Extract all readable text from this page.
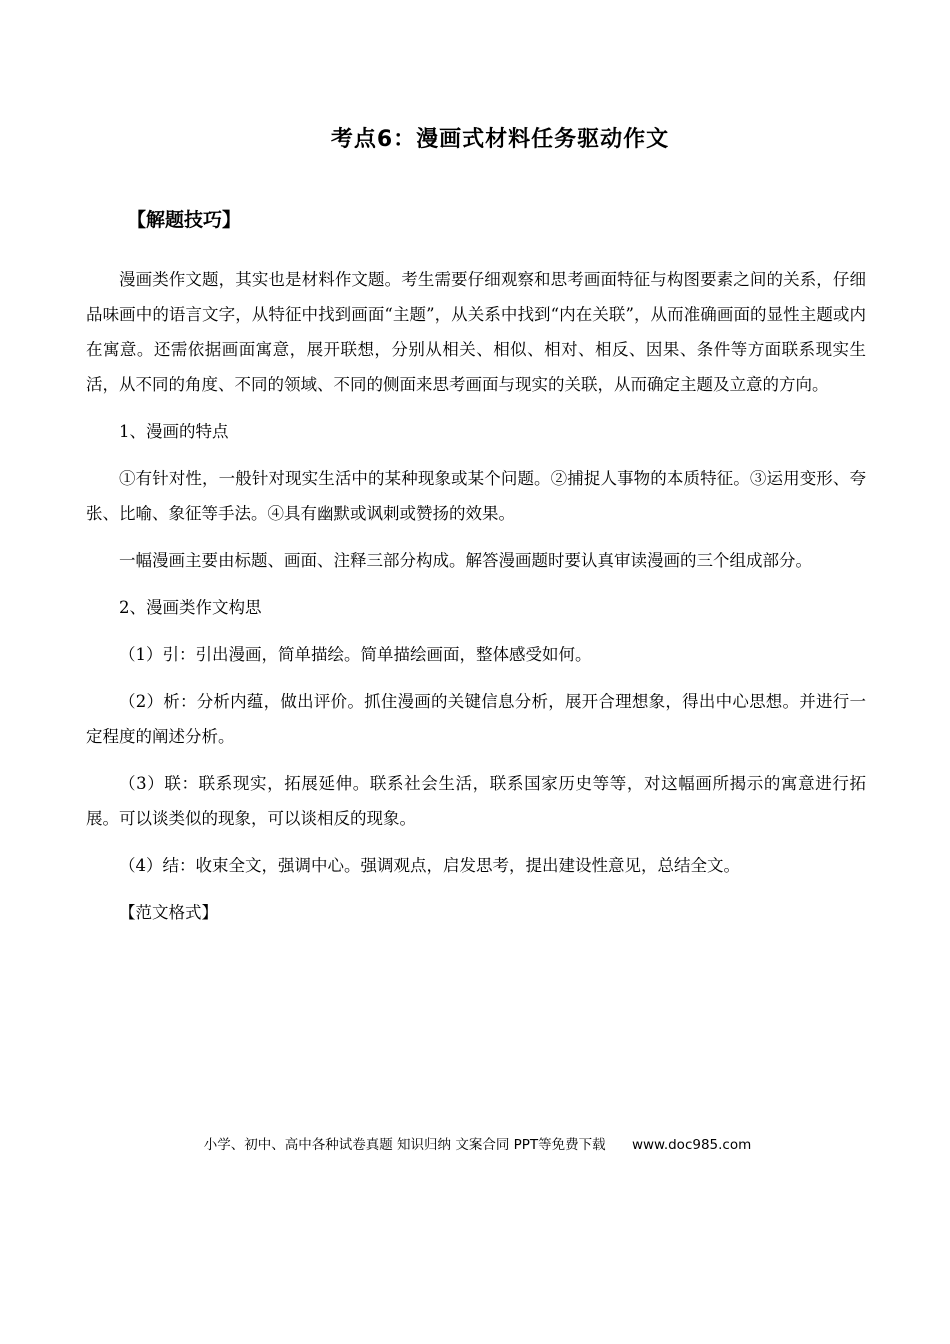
考点6：漫画式材料任务驱动作文
【解题技巧】

漫画类作文题，其实也是材料作文题。考生需要仔细观察和思考画面特征与构图要素之间的关系，仔细品味画中的语言文字，从特征中找到画面“主题”，从关系中找到“内在关联”，从而准确画面的显性主题或内在寓意。还需依据画面寓意，展开联想，分别从相关、相似、相对、相反、因果、条件等方面联系现实生活，从不同的角度、不同的领域、不同的侧面来思考画面与现实的关联，从而确定主题及立意的方向。

1、漫画的特点

①有针对性，一般针对现实生活中的某种现象或某个问题。②捕捉人事物的本质特征。③运用变形、夸张、比喻、象征等手法。④具有幽默或讽刺或赞扬的效果。

一幅漫画主要由标题、画面、注释三部分构成。解答漫画题时要认真审读漫画的三个组成部分。

2、漫画类作文构思

（1）引：引出漫画，简单描绘。简单描绘画面，整体感受如何。

（2）析：分析内蕴，做出评价。抓住漫画的关键信息分析，展开合理想象，得出中心思想。并进行一定程度的阐述分析。

（3）联：联系现实，拓展延伸。联系社会生活，联系国家历史等等，对这幅画所揭示的寓意进行拓展。可以谈类似的现象，可以谈相反的现象。

（4）结：收束全文，强调中心。强调观点，启发思考，提出建设性意见，总结全文。

【范文格式】

小学、初中、高中各种试卷真题 知识归纳 文案合同 PPT等免费下载 www.doc985.com
